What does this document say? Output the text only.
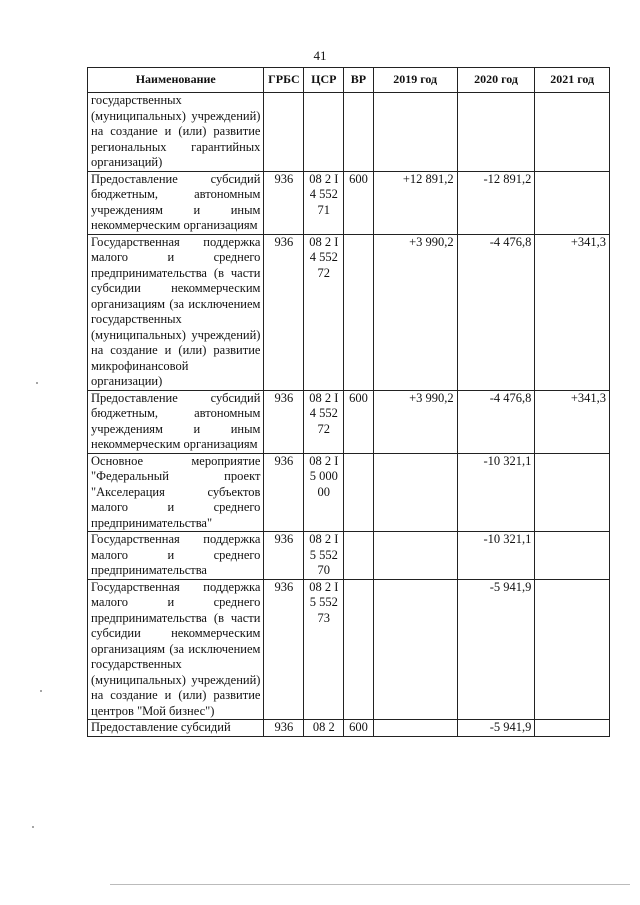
41
Наименование	ГРБС	ЦСР	ВР	2019 год	2020 год	2021 год
государственных (муниципальных) учреждений) на создание и (или) развитие региональных гарантийных организаций)						
Предоставление субсидий бюджетным, автономным учреждениям и иным некоммерческим организациям	936	08 2 I4 55271	600	+12 891,2	-12 891,2	
Государственная поддержка малого и среднего предпринимательства (в части субсидии некоммерческим организациям (за исключением государственных (муниципальных) учреждений) на создание и (или) развитие микрофинансовой организации)	936	08 2 I4 55272		+3 990,2	-4 476,8	+341,3
Предоставление субсидий бюджетным, автономным учреждениям и иным некоммерческим организациям	936	08 2 I4 55272	600	+3 990,2	-4 476,8	+341,3
Основное мероприятие "Федеральный проект "Акселерация субъектов малого и среднего предпринимательства"	936	08 2 I5 00000			-10 321,1	
Государственная поддержка малого и среднего предпринимательства	936	08 2 I5 55270			-10 321,1	
Государственная поддержка малого и среднего предпринимательства (в части субсидии некоммерческим организациям (за исключением государственных (муниципальных) учреждений) на создание и (или) развитие центров "Мой бизнес")	936	08 2 I5 55273			-5 941,9	
Предоставление субсидий	936	08 2	600		-5 941,9	
